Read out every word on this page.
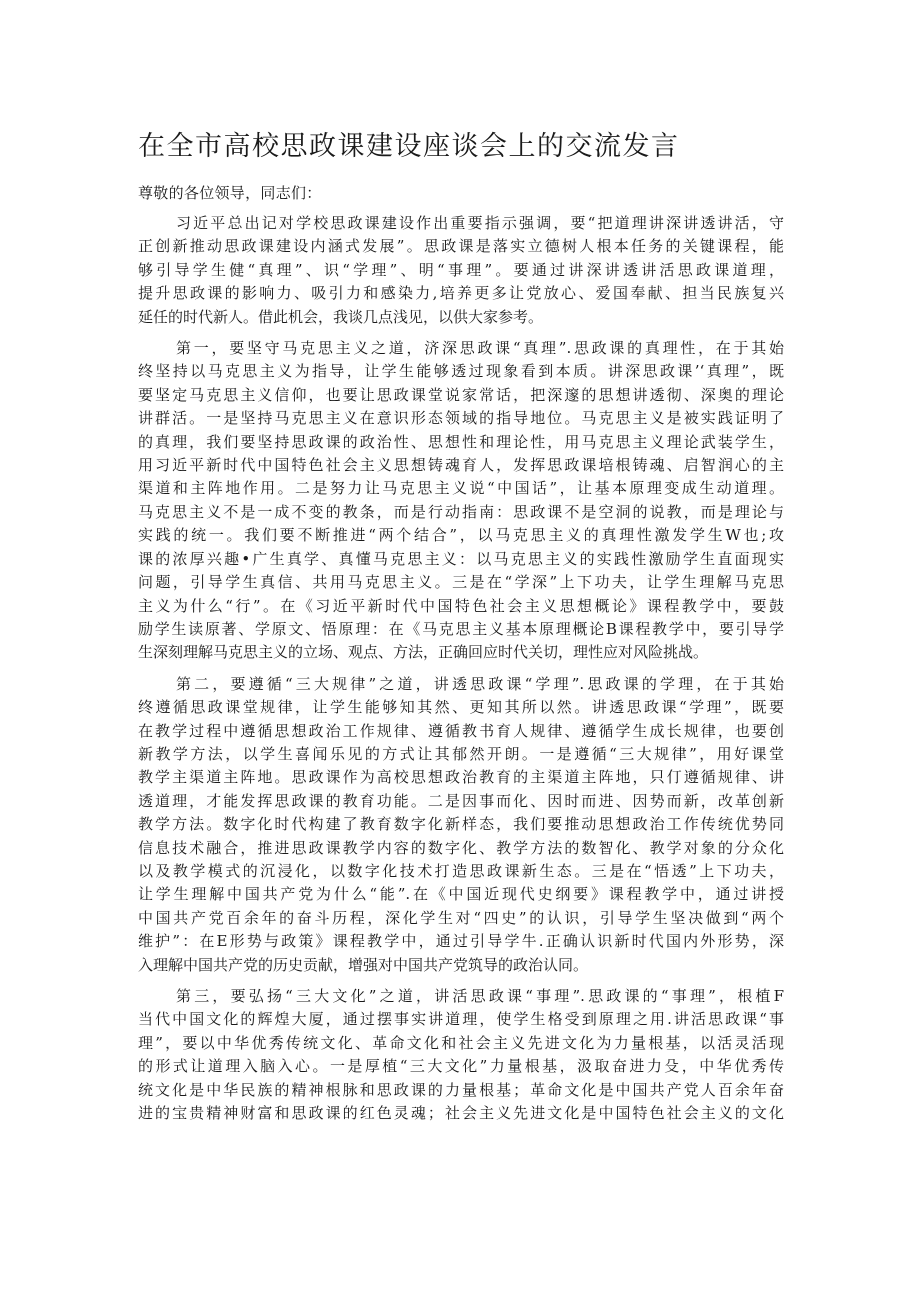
在全市高校思政课建设座谈会上的交流发言

尊敬的各位领导，同志们：

习近平总出记对学校思政课建设作出重要指示强调，要“把道理讲深讲透讲活，守
正创新推动思政课建设内涵式发展”。思政课是落实立德树人根本任务的关键课程，能
够引导学生健“真理”、识“学理”、明“事理”。要通过讲深讲透讲活思政课道理，
提升思政课的影响力、吸引力和感染力,培养更多让党放心、爱国奉献、担当民族复兴
延任的时代新人。借此机会，我谈几点浅见，以供大家参考。
第一，要坚守马克思主义之道，济深思政课“真理”.思政课的真理性，在于其始
终坚持以马克思主义为指导，让学生能够透过现象看到本质。讲深思政课’‘真理”，既
要坚定马克思主义信仰，也要让思政课堂说家常话，把深邃的思想讲透彻、深奥的理论
讲群活。一是坚持马克思主义在意识形态领域的指导地位。马克思主义是被实践证明了
的真理，我们要坚持思政课的政治性、思想性和理论性，用马克思主义理论武装学生，
用习近平新时代中国特色社会主义思想铸魂育人，发挥思政课培根铸魂、启智润心的主
渠道和主阵地作用。二是努力让马克思主义说“中国话”，让基本原理变成生动道理。
马克思主义不是一成不变的教条，而是行动指南：思政课不是空洞的说教，而是理论与
实践的统一。我们要不断推进“两个结合”，以马克思主义的真理性激发学生W也;攻
课的浓厚兴趣•广生真学、真懂马克思主义：以马克思主义的实践性激励学生直面现实
问题，引导学生真信、共用马克思主义。三是在“学深”上下功夫，让学生理解马克思
主义为什么“行”。在《习近平新时代中国特色社会主义思想概论》课程教学中，要鼓
励学生读原著、学原文、悟原理：在《马克思主义基本原理概论B课程教学中，要引导学
生深刻理解马克思主义的立场、观点、方法，正确回应时代关切，理性应对风险挑战。
第二，要遵循“三大规律”之道，讲透思政课“学理”.思政课的学理，在于其始
终遵循思政课堂规律，让学生能够知其然、更知其所以然。讲透思政课“学理”，既要
在教学过程中遵循思想政治工作规律、遵循教书育人规律、遵循学生成长规律，也要创
新教学方法，以学生喜闻乐见的方式让其郁然开朗。一是遵循“三大规律”，用好课堂
教学主渠道主阵地。思政课作为高校思想政治教育的主渠道主阵地，只仃遵循规律、讲
透道理，才能发挥思政课的教育功能。二是因事而化、因时而进、因势而新，改革创新
教学方法。数字化时代构建了教育数字化新样态，我们要推动思想政治工作传统优势同
信息技术融合，推进思政课教学内容的数字化、教学方法的数智化、教学对象的分众化
以及教学模式的沉浸化，以数字化技术打造思政课新生态。三是在“悟透”上下功夫，
让学生理解中国共产党为什么“能”.在《中国近现代史纲要》课程教学中，通过讲授
中国共产党百余年的奋斗历程，深化学生对“四史”的认识，引导学生坚决做到“两个
维护”：在E形势与政策》课程教学中，通过引导学牛.正确认识新时代国内外形势，深
入理解中国共产党的历史贡献，增强对中国共产党筑导的政治认同。
第三，要弘扬“三大文化”之道，讲活思政课“事理”.思政课的“事理”，根植F
当代中国文化的辉煌大厦，通过摆事实讲道理，使学生格受到原理之用.讲活思政课“事
理”，要以中华优秀传统文化、革命文化和社会主义先进文化为力量根基，以活灵活现
的形式让道理入脑入心。一是厚植“三大文化”力量根基，汲取奋进力殳，中华优秀传
统文化是中华民族的精神根脉和思政课的力量根基；革命文化是中国共产党人百余年奋
进的宝贵精神财富和思政课的红色灵魂；社会主义先进文化是中国特色社会主义的文化
